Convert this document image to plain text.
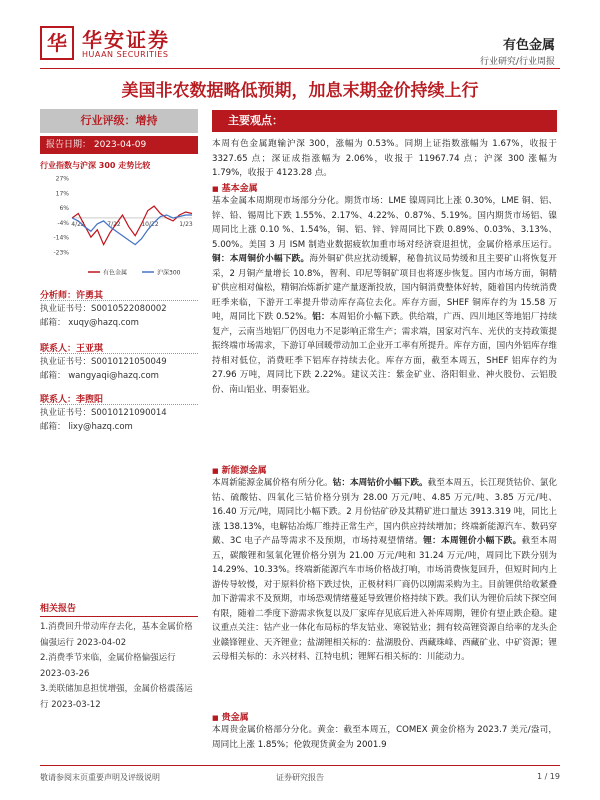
华 华安证券
HUAAN SECURITIES
有色金属
行业研究/行业周报
美国非农数据略低预期，加息末期金价持续上行
行业评级：增持
报告日期： 2023-04-09
行业指数与沪深 300 走势比较
27%
17%
6%
-4%
-14%
-23%
4/22	7/22	10/22	1/23
有色金属	沪深300
分析师：许勇其
执业证书号：S0010522080002
邮箱： xuqy@hazq.com
联系人：王亚琪
执业证书号：S0010121050049
邮箱： wangyaqi@hazq.com
联系人：李煦阳
执业证书号：S0010121090014
邮箱： lixy@hazq.com
相关报告
1.消费回升带动库存去化，基本金属价格偏强运行 2023-04-02
2.消费季节来临，金属价格偏强运行 2023-03-26
3.美联储加息担忧增强，金属价格震荡运行 2023-03-12
主要观点：
本周有色金属跑输沪深 300，涨幅为 0.53%。同期上证指数涨幅为 1.67%，收报于 3327.65 点；深证成指涨幅为 2.06%，收报于 11967.74 点；沪深 300 涨幅为 1.79%，收报于 4123.28 点。
■ 基本金属
基本金属本周期现市场部分分化。期货市场：LME 镍周同比上涨 0.30%，LME 铜、铝、锌、铅、锡周比下跌 1.55%、2.17%、4.22%、0.87%、5.19%。国内期货市场铝、镍周同比上涨 0.10 %、1.54%，铜、铝、锌、锌周同比下跌 0.89%、0.03%、3.13%、5.00%。美国 3 月 ISM 制造业数据疲软加重市场对经济衰退担忧，金属价格承压运行。铜：本周铜价小幅下跌。海外铜矿供应扰动缓解，秘鲁抗议局势缓和且主要矿山将恢复开采，2 月铜产量增长 10.8%，智利、印尼等铜矿项目也将逐步恢复。国内市场方面，铜精矿供应相对偏松，精铜冶炼新扩建产量逐渐投放，国内铜消费整体好转，随着国内传统消费旺季来临，下游开工率提升带动库存高位去化。库存方面，SHEF 铜库存约为 15.58 万吨，周同比下跌 0.52%。铝：本周铝价小幅下跌。供给端，广西、四川地区等地铝厂持续复产，云南当地铝厂仍因电力不足影响正常生产；需求端，国家对汽车、光伏的支持政策提振终端市场需求，下游订单回暖带动加工企业开工率有所提升。库存方面，国内外铝库存维持相对低位，消费旺季下铝库存持续去化。库存方面，截至本周五，SHEF 铝库存约为 27.96 万吨，周同比下跌 2.22%。建议关注：紫金矿业、洛阳钼业、神火股份、云铝股份、南山铝业、明泰铝业。
■ 新能源金属
本周新能源金属价格有所分化。钴：本周钴价小幅下跌。截至本周五，长江现货钴价、氯化钴、硫酸钴、四氧化三钴价格分别为 28.00 万元/吨、4.85 万元/吨、3.85 万元/吨、16.40 万元/吨，周同比小幅下跌。2 月份钴矿砂及其精矿进口量达 3913.319 吨，同比上涨 138.13%，电解钴冶炼厂维持正常生产，国内供应持续增加；终端新能源汽车、数码穿戴、3C 电子产品等需求不及预期，市场持观望情绪。锂：本周锂价小幅下跌。截至本周五，碳酸锂和氢氧化锂价格分别为 21.00 万元/吨和 31.24 万元/吨，周同比下跌分别为 14.29%、10.33%。终端新能源汽车市场价格战打响，市场消费恢复回升，但短时间内上游传导较慢，对于原料价格下跌过快，正极材料厂商仍以刚需采购为主。目前锂供给收紧叠加下游需求不及预期，市场恐观情绪蔓延导致锂价格持续下跌。我们认为锂价后续下探空间有限，随着二季度下游需求恢复以及厂家库存见底后进入补库周期，锂价有望止跌企稳。建议重点关注：钴产业一体化布局标的华友钴业、寒锐钴业；拥有较高锂资源自给率的龙头企业赣锋锂业、天齐锂业；盐湖锂相关标的：盐湖股份、西藏珠峰、西藏矿业、中矿资源；锂云母相关标的：永兴材料、江特电机；锂辉石相关标的：川能动力。
■ 贵金属
本周贵金属价格部分分化。黄金：截至本周五，COMEX 黄金价格为 2023.7 美元/盎司，周同比上涨 1.85%；伦敦现货黄金为 2001.9
敬请参阅末页重要声明及评级说明	证券研究报告	1 / 19
